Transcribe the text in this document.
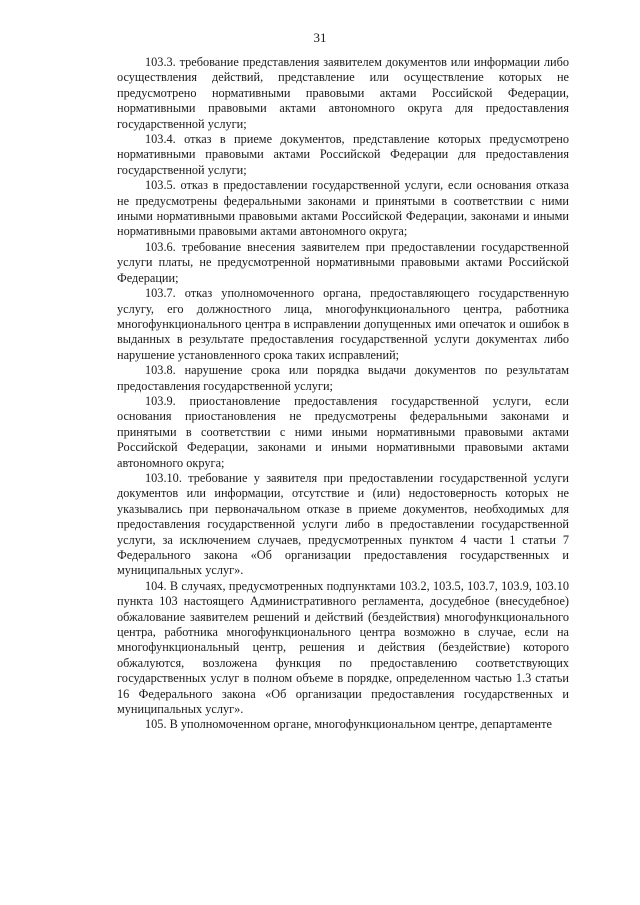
31

103.3. требование представления заявителем документов или информации либо осуществления действий, представление или осуществление которых не предусмотрено нормативными правовыми актами Российской Федерации, нормативными правовыми актами автономного округа для предоставления государственной услуги;

103.4. отказ в приеме документов, представление которых предусмотрено нормативными правовыми актами Российской Федерации для предоставления государственной услуги;

103.5. отказ в предоставлении государственной услуги, если основания отказа не предусмотрены федеральными законами и принятыми в соответствии с ними иными нормативными правовыми актами Российской Федерации, законами и иными нормативными правовыми актами автономного округа;

103.6. требование внесения заявителем при предоставлении государственной услуги платы, не предусмотренной нормативными правовыми актами Российской Федерации;

103.7. отказ уполномоченного органа, предоставляющего государственную услугу, его должностного лица, многофункционального центра, работника многофункционального центра в исправлении допущенных ими опечаток и ошибок в выданных в результате предоставления государственной услуги документах либо нарушение установленного срока таких исправлений;

103.8. нарушение срока или порядка выдачи документов по результатам предоставления государственной услуги;

103.9. приостановление предоставления государственной услуги, если основания приостановления не предусмотрены федеральными законами и принятыми в соответствии с ними иными нормативными правовыми актами Российской Федерации, законами и иными нормативными правовыми актами автономного округа;

103.10. требование у заявителя при предоставлении государственной услуги документов или информации, отсутствие и (или) недостоверность которых не указывались при первоначальном отказе в приеме документов, необходимых для предоставления государственной услуги либо в предоставлении государственной услуги, за исключением случаев, предусмотренных пунктом 4 части 1 статьи 7 Федерального закона «Об организации предоставления государственных и муниципальных услуг».

104. В случаях, предусмотренных подпунктами 103.2, 103.5, 103.7, 103.9, 103.10 пункта 103 настоящего Административного регламента, досудебное (внесудебное) обжалование заявителем решений и действий (бездействия) многофункционального центра, работника многофункционального центра возможно в случае, если на многофункциональный центр, решения и действия (бездействие) которого обжалуются, возложена функция по предоставлению соответствующих государственных услуг в полном объеме в порядке, определенном частью 1.3 статьи 16 Федерального закона «Об организации предоставления государственных и муниципальных услуг».

105. В уполномоченном органе, многофункциональном центре, департаменте
